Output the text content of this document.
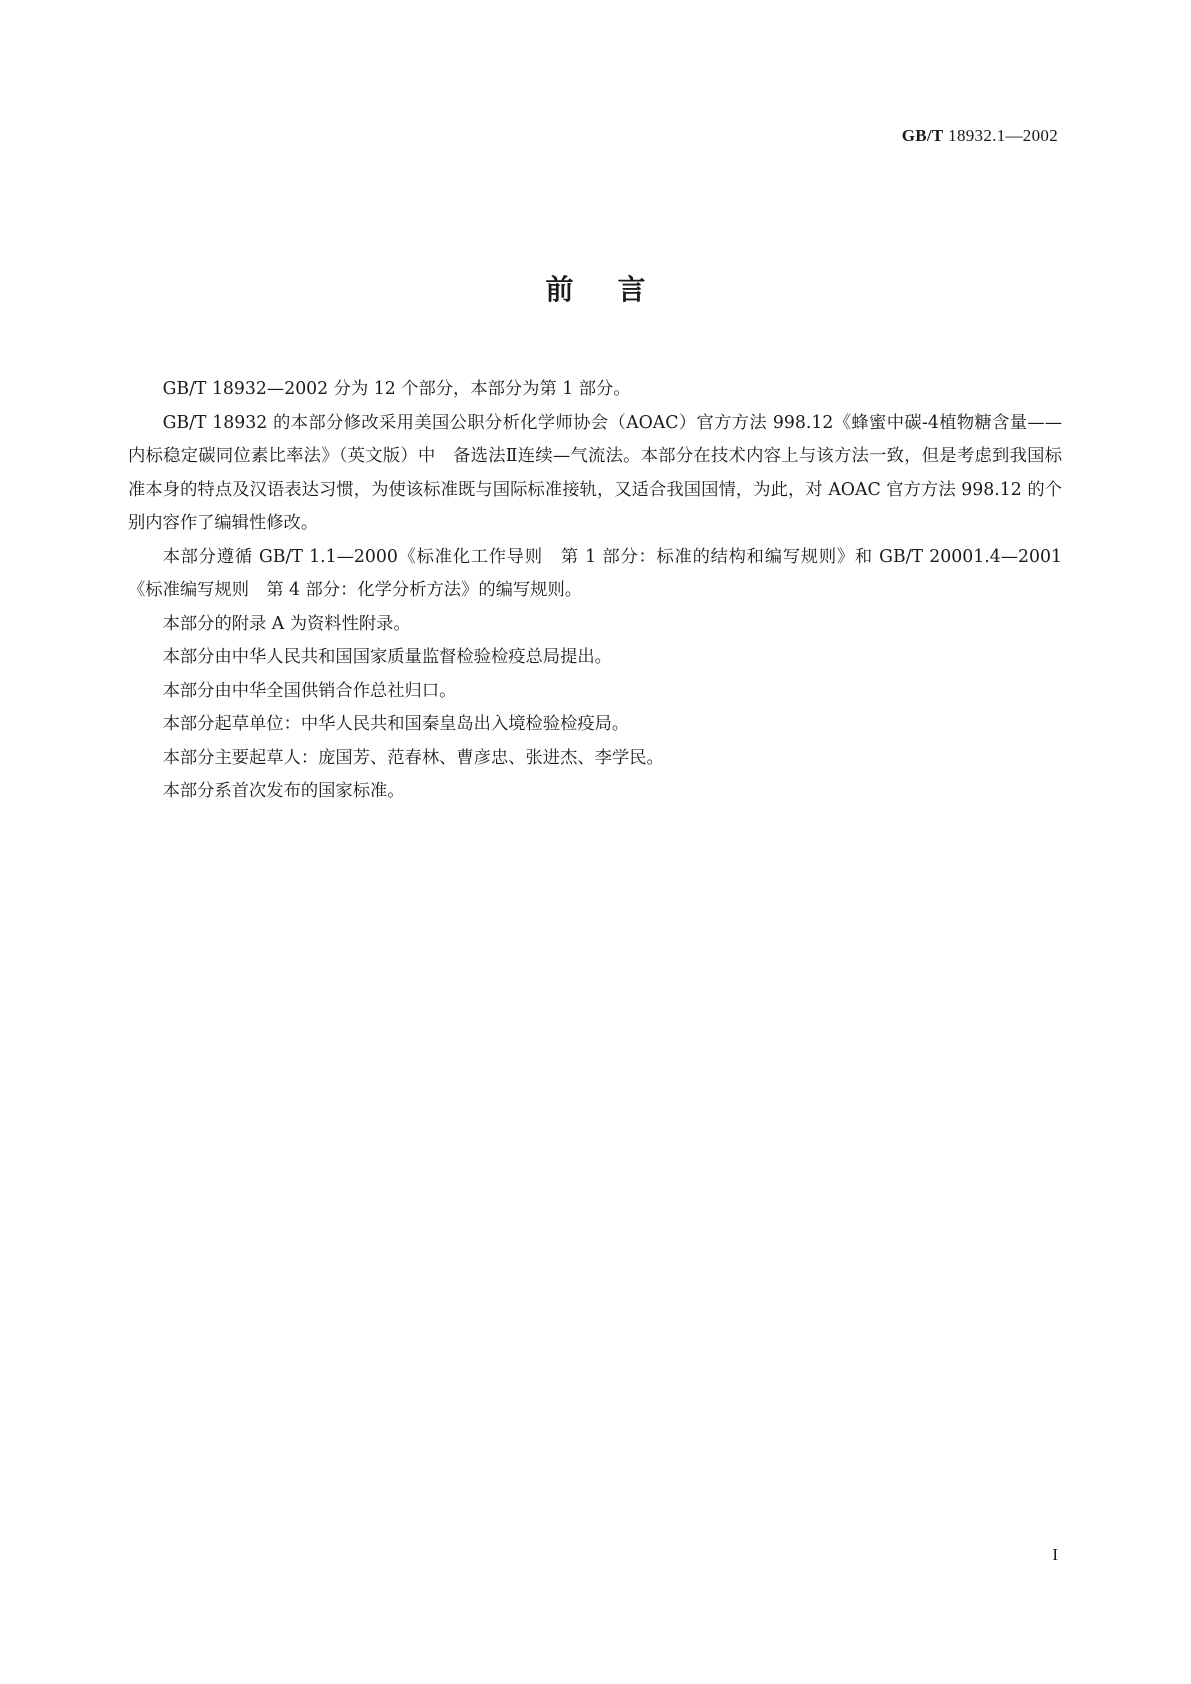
GB/T 18932.1—2002
前言

GB/T 18932—2002 分为 12 个部分，本部分为第 1 部分。

GB/T 18932 的本部分修改采用美国公职分析化学师协会（AOAC）官方方法 998.12《蜂蜜中碳-4植物糖含量——内标稳定碳同位素比率法》（英文版）中　备选法Ⅱ连续—气流法。本部分在技术内容上与该方法一致，但是考虑到我国标准本身的特点及汉语表达习惯，为使该标准既与国际标准接轨，又适合我国国情，为此，对 AOAC 官方方法 998.12 的个别内容作了编辑性修改。

本部分遵循 GB/T 1.1—2000《标准化工作导则　第 1 部分：标准的结构和编写规则》和 GB/T 20001.4—2001《标准编写规则　第 4 部分：化学分析方法》的编写规则。

本部分的附录 A 为资料性附录。

本部分由中华人民共和国国家质量监督检验检疫总局提出。

本部分由中华全国供销合作总社归口。

本部分起草单位：中华人民共和国秦皇岛出入境检验检疫局。

本部分主要起草人：庞国芳、范春林、曹彦忠、张进杰、李学民。

本部分系首次发布的国家标准。

I
